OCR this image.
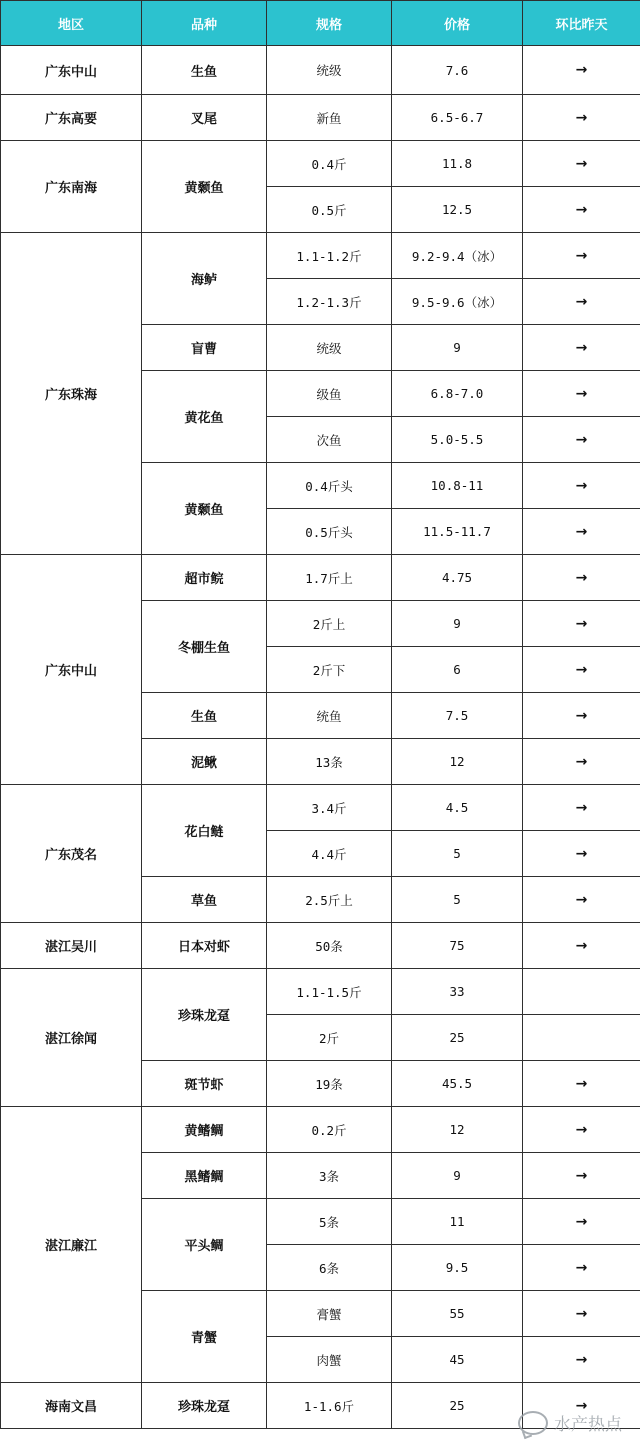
地区	品种	规格	价格	环比昨天
广东中山	生鱼	统级	7.6	→
广东高要	叉尾	新鱼	6.5-6.7	→
广东南海	黄颡鱼	0.4斤	11.8	→
		0.5斤	12.5	→
广东珠海	海鲈	1.1-1.2斤	9.2-9.4（冰）	→
		1.2-1.3斤	9.5-9.6（冰）	→
	盲曹	统级	9	→
	黄花鱼	级鱼	6.8-7.0	→
		次鱼	5.0-5.5	→
	黄颡鱼	0.4斤头	10.8-11	→
		0.5斤头	11.5-11.7	→
广东中山	超市鲩	1.7斤上	4.75	→
	冬棚生鱼	2斤上	9	→
		2斤下	6	→
	生鱼	统鱼	7.5	→
	泥鳅	13条	12	→
广东茂名	花白鲢	3.4斤	4.5	→
		4.4斤	5	→
	草鱼	2.5斤上	5	→
湛江吴川	日本对虾	50条	75	→
湛江徐闻	珍珠龙趸	1.1-1.5斤	33	
		2斤	25	
	斑节虾	19条	45.5	→
湛江廉江	黄鳍鲷	0.2斤	12	→
	黑鳍鲷	3条	9	→
	平头鲷	5条	11	→
		6条	9.5	→
	青蟹	膏蟹	55	→
		肉蟹	45	→
海南文昌	珍珠龙趸	1-1.6斤	25	→
水产热点
